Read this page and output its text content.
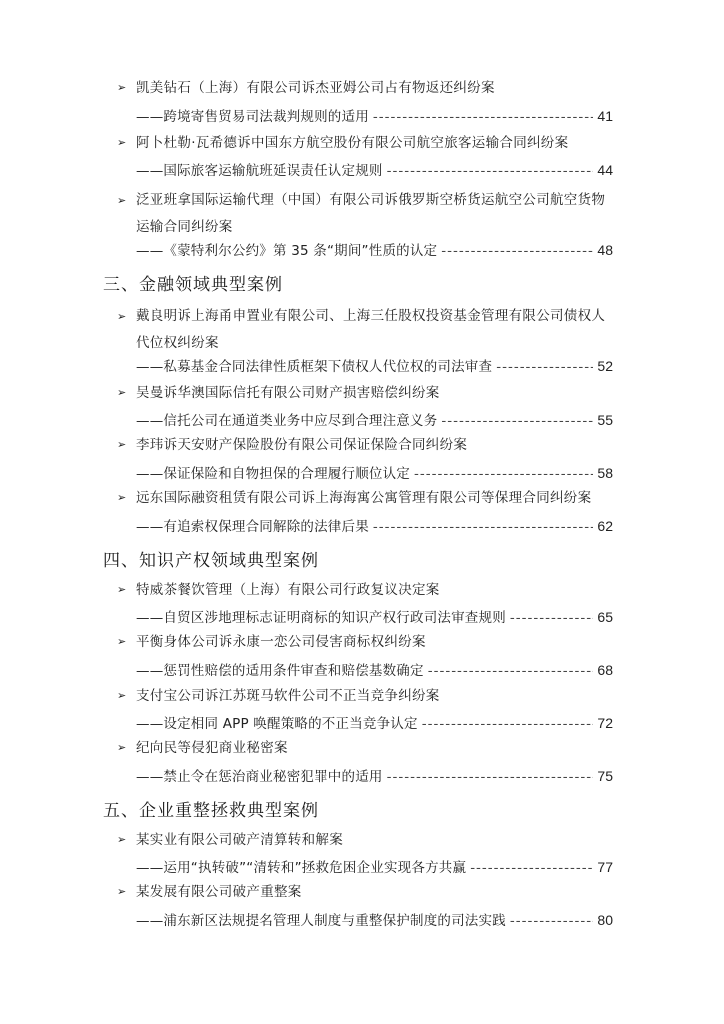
➢ 凯美钻石（上海）有限公司诉杰亚姆公司占有物返还纠纷案
——跨境寄售贸易司法裁判规则的适用 -----	41
➢ 阿卜杜勒·瓦希德诉中国东方航空股份有限公司航空旅客运输合同纠纷案
——国际旅客运输航班延误责任认定规则 -----	44
➢ 泛亚班拿国际运输代理（中国）有限公司诉俄罗斯空桥货运航空公司航空货物运输合同纠纷案
——《蒙特利尔公约》第 35 条“期间”性质的认定 -----	48
三、金融领域典型案例
➢ 戴良明诉上海甬申置业有限公司、上海三任股权投资基金管理有限公司债权人代位权纠纷案
——私募基金合同法律性质框架下债权人代位权的司法审查 -----	52
➢ 吴曼诉华澳国际信托有限公司财产损害赔偿纠纷案
——信托公司在通道类业务中应尽到合理注意义务 -----	55
➢ 李玮诉天安财产保险股份有限公司保证保险合同纠纷案
——保证保险和自物担保的合理履行顺位认定 -----	58
➢ 远东国际融资租赁有限公司诉上海海寓公寓管理有限公司等保理合同纠纷案
——有追索权保理合同解除的法律后果 -----	62
四、知识产权领域典型案例
➢ 特威茶餐饮管理（上海）有限公司行政复议决定案
——自贸区涉地理标志证明商标的知识产权行政司法审查规则 -----	65
➢ 平衡身体公司诉永康一恋公司侵害商标权纠纷案
——惩罚性赔偿的适用条件审查和赔偿基数确定 -----	68
➢ 支付宝公司诉江苏斑马软件公司不正当竞争纠纷案
——设定相同 APP 唤醒策略的不正当竞争认定 -----	72
➢ 纪向民等侵犯商业秘密案
——禁止令在惩治商业秘密犯罪中的适用 -----	75
五、企业重整拯救典型案例
➢ 某实业有限公司破产清算转和解案
——运用“执转破”“清转和”拯救危困企业实现各方共赢 -----	77
➢ 某发展有限公司破产重整案
——浦东新区法规提名管理人制度与重整保护制度的司法实践 -----	80
